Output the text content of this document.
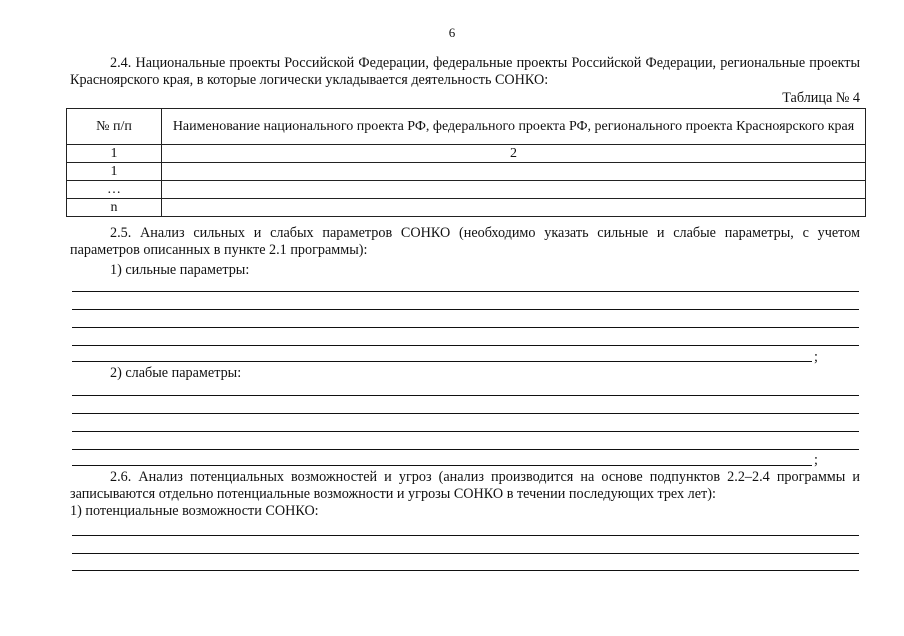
6
2.4. Национальные проекты Российской Федерации, федеральные проекты Российской Федерации, региональные проекты Красноярского края, в которые логически укладывается деятельность СОНКО:
Таблица № 4
№ п/п	Наименование национального проекта РФ, федерального проекта РФ, регионального проекта Красноярского края
1	2
1	
…	
n	
2.5. Анализ сильных и слабых параметров СОНКО (необходимо указать сильные и слабые параметры, с учетом параметров описанных в пункте 2.1 программы):
1) сильные параметры:
;
2) слабые параметры:
;
2.6. Анализ потенциальных возможностей и угроз (анализ производится на основе подпунктов 2.2–2.4 программы и записываются отдельно потенциальные возможности и угрозы СОНКО в течении последующих трех лет):
1) потенциальные возможности СОНКО:
